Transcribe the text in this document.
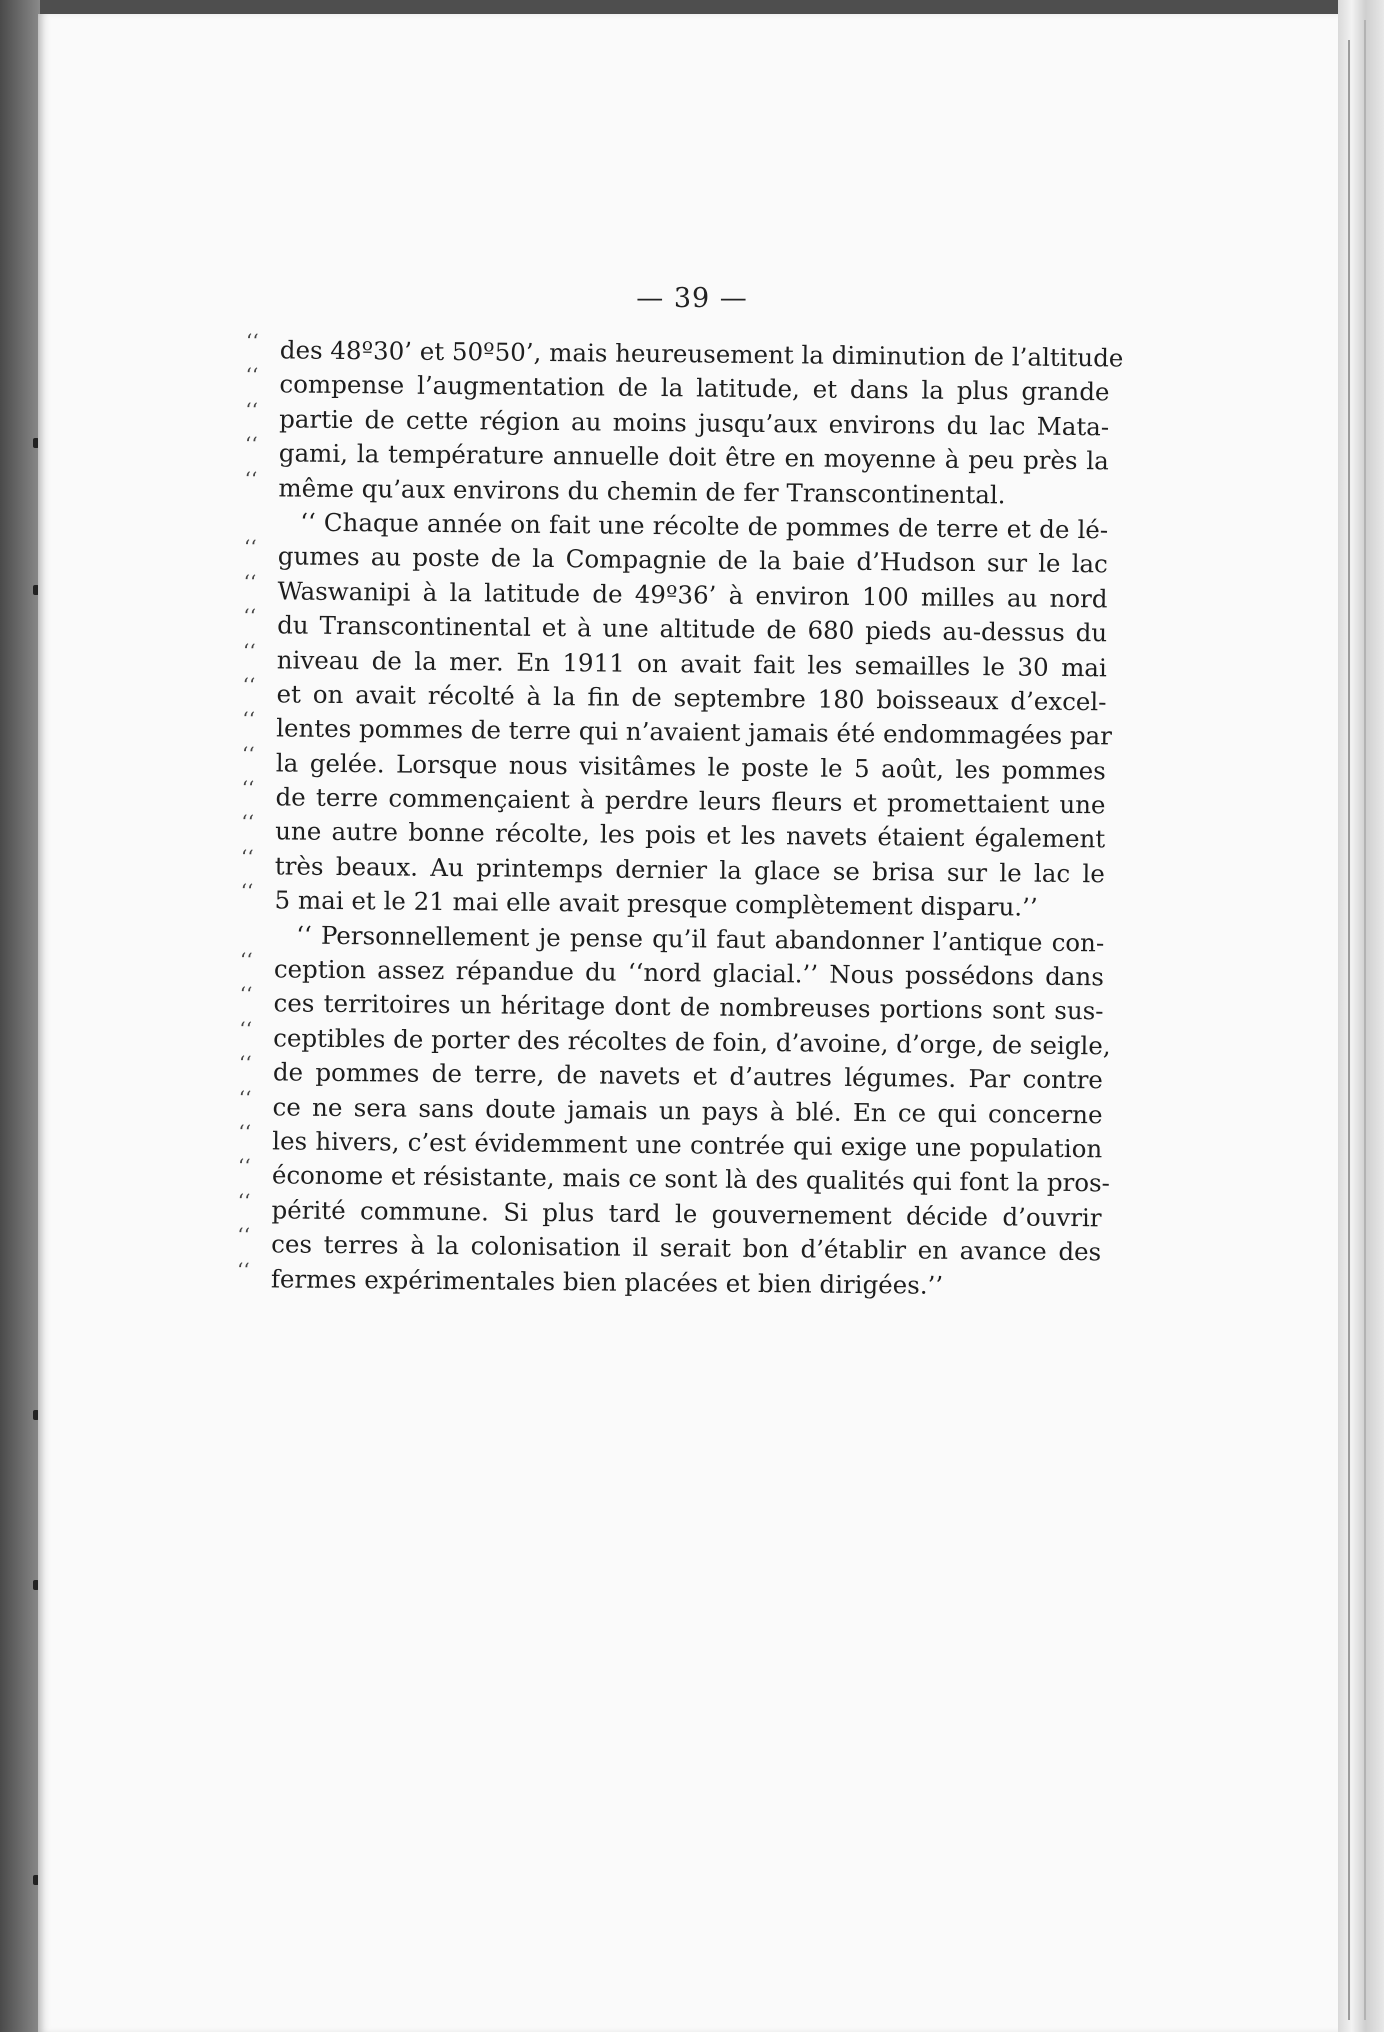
— 39 —
‘‘ des 48º30’ et 50º50’, mais heureusement la diminution de l’altitude
‘‘ compense l’augmentation de la latitude, et dans la plus grande
‘‘ partie de cette région au moins jusqu’aux environs du lac Mata-
‘‘ gami, la température annuelle doit être en moyenne à peu près la
‘‘ même qu’aux environs du chemin de fer Transcontinental.
‘‘ Chaque année on fait une récolte de pommes de terre et de lé-
‘‘ gumes au poste de la Compagnie de la baie d’Hudson sur le lac
‘‘ Waswanipi à la latitude de 49º36’ à environ 100 milles au nord
‘‘ du Transcontinental et à une altitude de 680 pieds au-dessus du
‘‘ niveau de la mer. En 1911 on avait fait les semailles le 30 mai
‘‘ et on avait récolté à la fin de septembre 180 boisseaux d’excel-
‘‘ lentes pommes de terre qui n’avaient jamais été endommagées par
‘‘ la gelée. Lorsque nous visitâmes le poste le 5 août, les pommes
‘‘ de terre commençaient à perdre leurs fleurs et promettaient une
‘‘ une autre bonne récolte, les pois et les navets étaient également
‘‘ très beaux. Au printemps dernier la glace se brisa sur le lac le
‘‘ 5 mai et le 21 mai elle avait presque complètement disparu.’’
‘‘ Personnellement je pense qu’il faut abandonner l’antique con-
‘‘ ception assez répandue du ‘‘nord glacial.’’ Nous possédons dans
‘‘ ces territoires un héritage dont de nombreuses portions sont sus-
‘‘ ceptibles de porter des récoltes de foin, d’avoine, d’orge, de seigle,
‘‘ de pommes de terre, de navets et d’autres légumes. Par contre
‘‘ ce ne sera sans doute jamais un pays à blé. En ce qui concerne
‘‘ les hivers, c’est évidemment une contrée qui exige une population
‘‘ économe et résistante, mais ce sont là des qualités qui font la pros-
‘‘ périté commune. Si plus tard le gouvernement décide d’ouvrir
‘‘ ces terres à la colonisation il serait bon d’établir en avance des
‘‘ fermes expérimentales bien placées et bien dirigées.’’
